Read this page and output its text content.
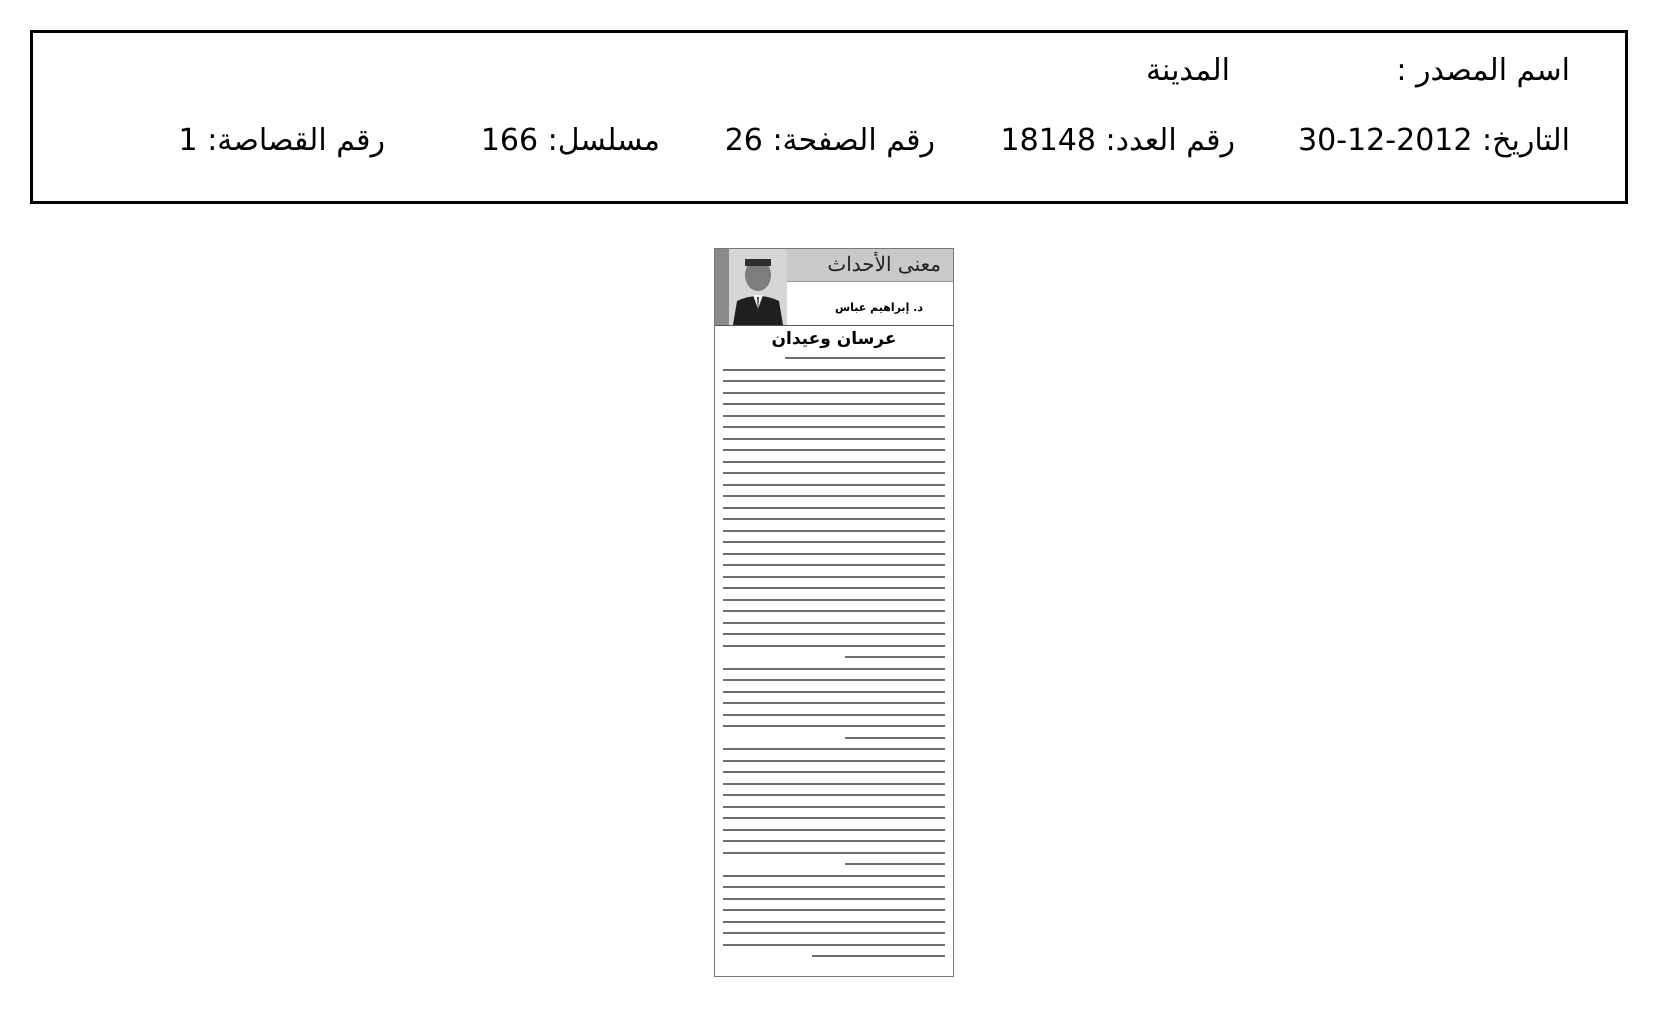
اسم المصدر :
المدينة
التاريخ: 2012-12-30
رقم العدد: 18148
رقم الصفحة: 26
مسلسل: 166
رقم القصاصة: 1
معنى الأحداث
د. إبراهيم عباس
عرسان وعيدان
